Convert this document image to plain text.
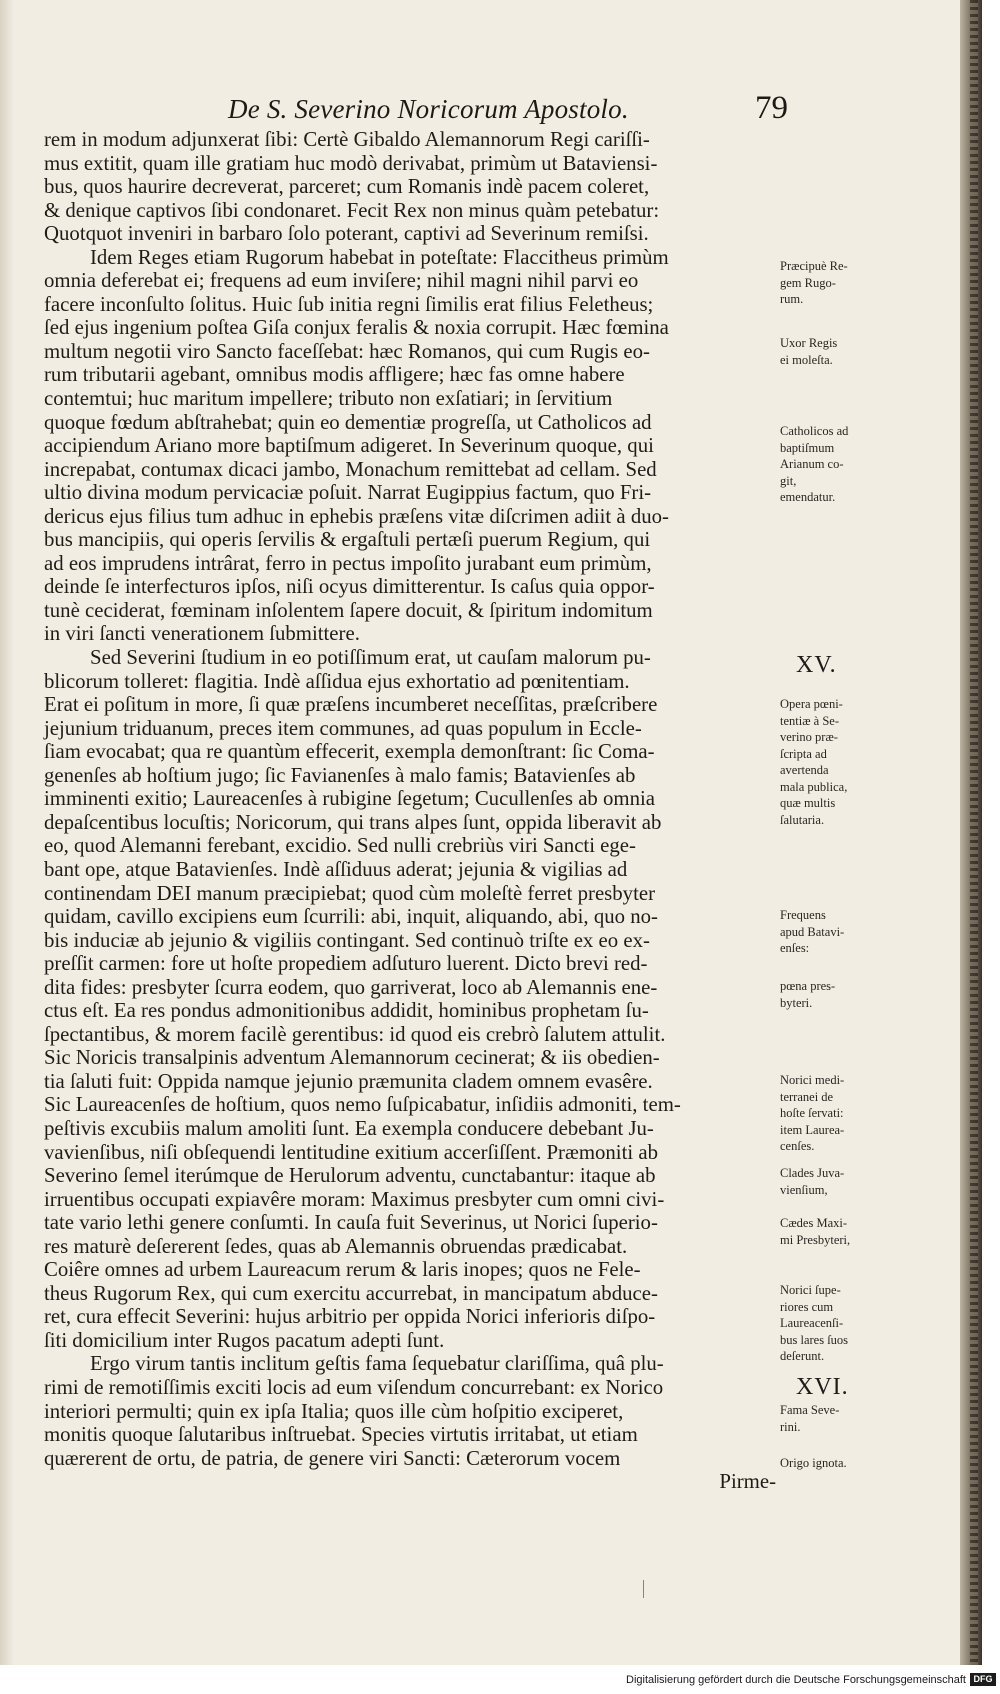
De S. Severino Noricorum Apostolo.	79
rem in modum adjunxerat ſibi: Certè Gibaldo Alemannorum Regi cariſſi-
mus extitit, quam ille gratiam huc modò derivabat, primùm ut Bataviensi-
bus, quos haurire decreverat, parceret; cum Romanis indè pacem coleret,
& denique captivos ſibi condonaret. Fecit Rex non minus quàm petebatur:
Quotquot inveniri in barbaro ſolo poterant, captivi ad Severinum remiſsi.
Idem Reges etiam Rugorum habebat in poteſtate: Flaccitheus primùm
omnia deferebat ei; frequens ad eum inviſere; nihil magni nihil parvi eo
facere inconſulto ſolitus. Huic ſub initia regni ſimilis erat filius Feletheus;
ſed ejus ingenium poſtea Giſa conjux feralis & noxia corrupit. Hæc fœmina
multum negotii viro Sancto faceſſebat: hæc Romanos, qui cum Rugis eo-
rum tributarii agebant, omnibus modis affligere; hæc fas omne habere
contemtui; huc maritum impellere; tributo non exſatiari; in ſervitium
quoque fœdum abſtrahebat; quin eo dementiæ progreſſa, ut Catholicos ad
accipiendum Ariano more baptiſmum adigeret. In Severinum quoque, qui
increpabat, contumax dicaci jambo, Monachum remittebat ad cellam. Sed
ultio divina modum pervicaciæ poſuit. Narrat Eugippius factum, quo Fri-
dericus ejus filius tum adhuc in ephebis præſens vitæ diſcrimen adiit à duo-
bus mancipiis, qui operis ſervilis & ergaſtuli pertæſi puerum Regium, qui
ad eos imprudens intrârat, ferro in pectus impoſito jurabant eum primùm,
deinde ſe interfecturos ipſos, niſi ocyus dimitterentur. Is caſus quia oppor-
tunè ceciderat, fœminam inſolentem ſapere docuit, & ſpiritum indomitum
in viri ſancti venerationem ſubmittere.
Sed Severini ſtudium in eo potiſſimum erat, ut cauſam malorum pu-
blicorum tolleret: flagitia. Indè aſſidua ejus exhortatio ad pœnitentiam.
Erat ei poſitum in more, ſi quæ præſens incumberet neceſſitas, præſcribere
jejunium triduanum, preces item communes, ad quas populum in Eccle-
ſiam evocabat; qua re quantùm effecerit, exempla demonſtrant: ſic Coma-
genenſes ab hoſtium jugo; ſic Favianenſes à malo famis; Batavienſes ab
imminenti exitio; Laureacenſes à rubigine ſegetum; Cucullenſes ab omnia
depaſcentibus locuſtis; Noricorum, qui trans alpes ſunt, oppida liberavit ab
eo, quod Alemanni ferebant, excidio. Sed nulli crebriùs viri Sancti ege-
bant ope, atque Batavienſes. Indè aſſiduus aderat; jejunia & vigilias ad
continendam DEI manum præcipiebat; quod cùm moleſtè ferret presbyter
quidam, cavillo excipiens eum ſcurrili: abi, inquit, aliquando, abi, quo no-
bis induciæ ab jejunio & vigiliis contingant. Sed continuò triſte ex eo ex-
preſſit carmen: fore ut hoſte propediem adſuturo luerent. Dicto brevi red-
dita fides: presbyter ſcurra eodem, quo garriverat, loco ab Alemannis ene-
ctus eſt. Ea res pondus admonitionibus addidit, hominibus prophetam ſu-
ſpectantibus, & morem facilè gerentibus: id quod eis crebrò ſalutem attulit.
Sic Noricis transalpinis adventum Alemannorum cecinerat; & iis obedien-
tia ſaluti fuit: Oppida namque jejunio præmunita cladem omnem evasêre.
Sic Laureacenſes de hoſtium, quos nemo ſuſpicabatur, inſidiis admoniti, tem-
peſtivis excubiis malum amoliti ſunt. Ea exempla conducere debebant Ju-
vavienſibus, niſi obſequendi lentitudine exitium accerſiſſent. Præmoniti ab
Severino ſemel iterúmque de Herulorum adventu, cunctabantur: itaque ab
irruentibus occupati expiavêre moram: Maximus presbyter cum omni civi-
tate vario lethi genere conſumti. In cauſa fuit Severinus, ut Norici ſuperio-
res maturè deſererent ſedes, quas ab Alemannis obruendas prædicabat.
Coiêre omnes ad urbem Laureacum rerum & laris inopes; quos ne Fele-
theus Rugorum Rex, qui cum exercitu accurrebat, in mancipatum abduce-
ret, cura effecit Severini: hujus arbitrio per oppida Norici inferioris diſpo-
ſiti domicilium inter Rugos pacatum adepti ſunt.
Ergo virum tantis inclitum geſtis fama ſequebatur clariſſima, quâ plu-
rimi de remotiſſimis exciti locis ad eum viſendum concurrebant: ex Norico
interiori permulti; quin ex ipſa Italia; quos ille cùm hoſpitio exciperet,
monitis quoque ſalutaribus inſtruebat. Species virtutis irritabat, ut etiam
quærerent de ortu, de patria, de genere viri Sancti: Cæterorum vocem
Pirme-
XV.
XVI.
Præcipuè Re-
gem Rugo-
rum.
Uxor Regis
ei moleſta.
Catholicos ad
baptiſmum
Arianum co-
git,
emendatur.
Opera pœni-
tentiæ à Se-
verino præ-
ſcripta ad
avertenda
mala publica,
quæ multis
ſalutaria.
Frequens
apud Batavi-
enſes:
pœna pres-
byteri.
Norici medi-
terranei de
hoſte ſervati:
item Laurea-
cenſes.
Clades Juva-
vienſium,
Cædes Maxi-
mi Presbyteri,
Norici ſupe-
riores cum
Laureacenſi-
bus lares ſuos
deſerunt.
Fama Seve-
rini.
Origo ignota.
Digitalisierung gefördert durch die Deutsche Forschungsgemeinschaft DFG
